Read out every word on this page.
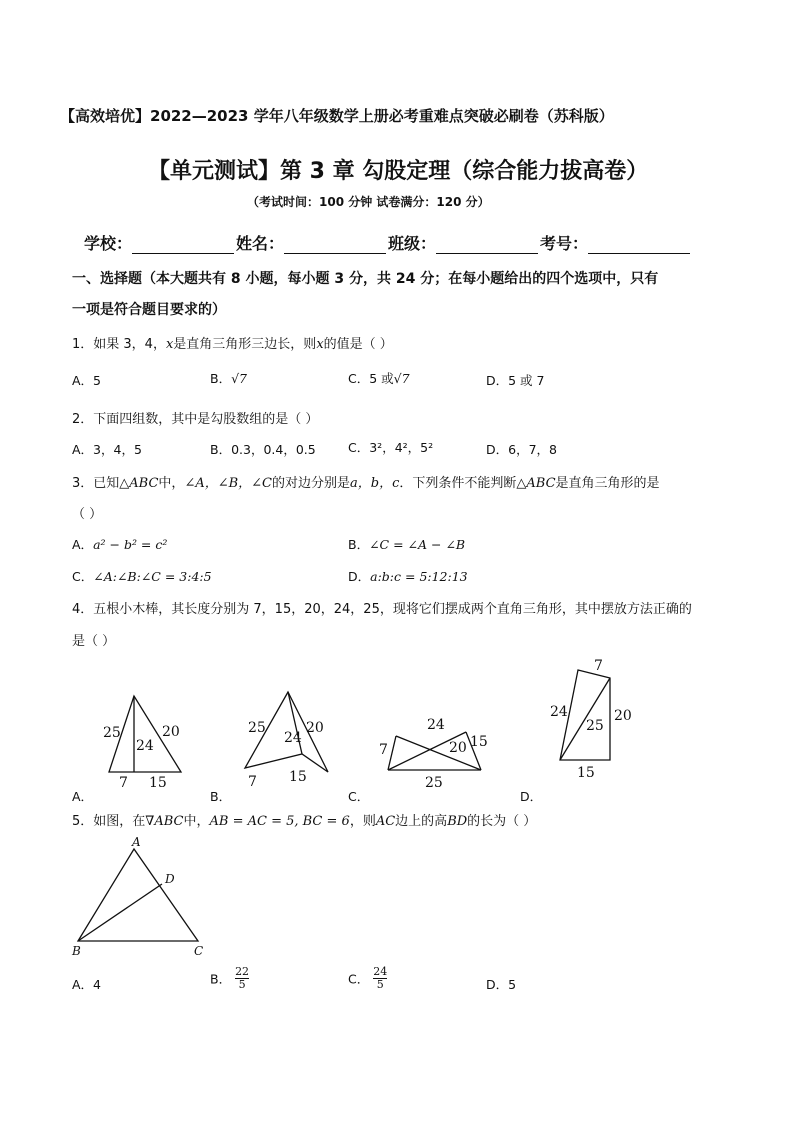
【高效培优】2022—2023 学年八年级数学上册必考重难点突破必刷卷（苏科版）
【单元测试】第 3 章 勾股定理（综合能力拔高卷）
（考试时间：100 分钟 试卷满分：120 分）
学校：	姓名：	班级：	考号：
一、选择题（本大题共有 8 小题，每小题 3 分，共 24 分；在每小题给出的四个选项中，只有
一项是符合题目要求的）
1．如果 3，4，x是直角三角形三边长，则x的值是（ ）
A．5	B．√7	C．5 或√7	D．5 或 7
2．下面四组数，其中是勾股数组的是（ ）
A．3，4，5	B．0.3，0.4，0.5	C．3²，4²，5²	D．6，7，8
3．已知△ABC中，∠A，∠B，∠C的对边分别是a，b，c．下列条件不能判断△ABC是直角三角形的是
（ ）
A．a² − b² = c²	B．∠C = ∠A − ∠B
C．∠A:∠B:∠C = 3:4:5	D．a:b:c = 5:12:13
4．五根小木棒，其长度分别为 7，15，20，24，25，现将它们摆成两个直角三角形，其中摆放方法正确的
是（ ）
25	20
24
7 15
25
24
20
7 15
24
7	20 15
25
7
24
25
20
15
A
B	C
D
A．	B．	C．	D．
5．如图，在∇ABC中，AB = AC = 5, BC = 6，则AC边上的高BD的长为（ ）
A．4	B． $\frac{22}{5}$	C． $\frac{24}{5}$	D．5
